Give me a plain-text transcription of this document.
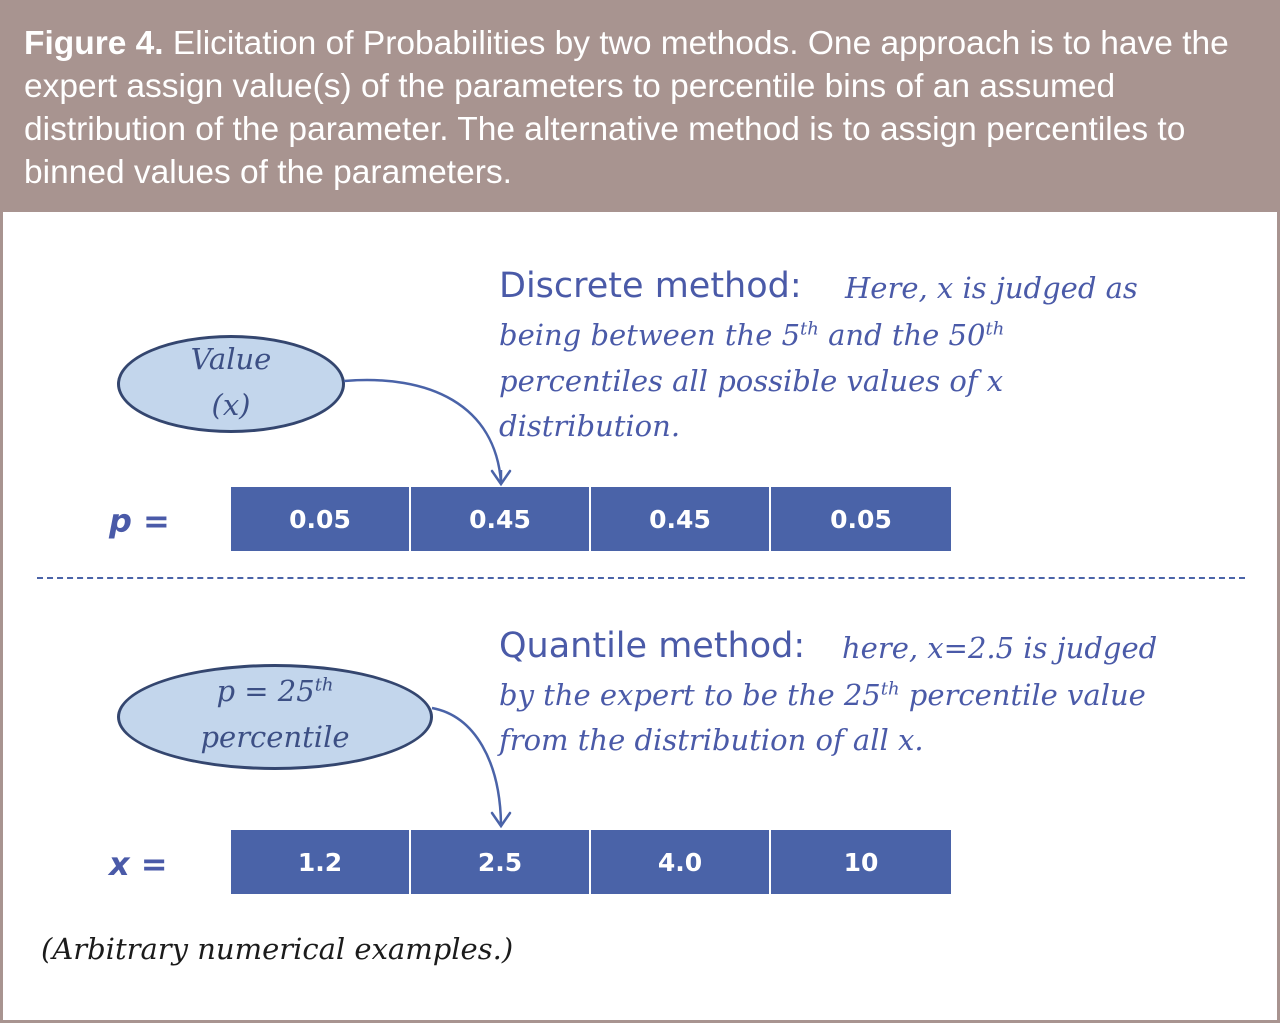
Figure 4. Elicitation of Probabilities by two methods. One approach is to have the expert assign value(s) of the parameters to percentile bins of an assumed distribution of the parameter. The alternative method is to assign percentiles to binned values of the parameters.
Discrete method: Here, x is judged as
being between the 5th and the 50th
percentiles all possible values of x
distribution.
Value
(x)
p =	0.05	0.45	0.45	0.05
Quantile method: here, x=2.5 is judged
by the expert to be the 25th percentile value
from the distribution of all x.
p = 25th
percentile
x =	1.2	2.5	4.0	10
(Arbitrary numerical examples.)
